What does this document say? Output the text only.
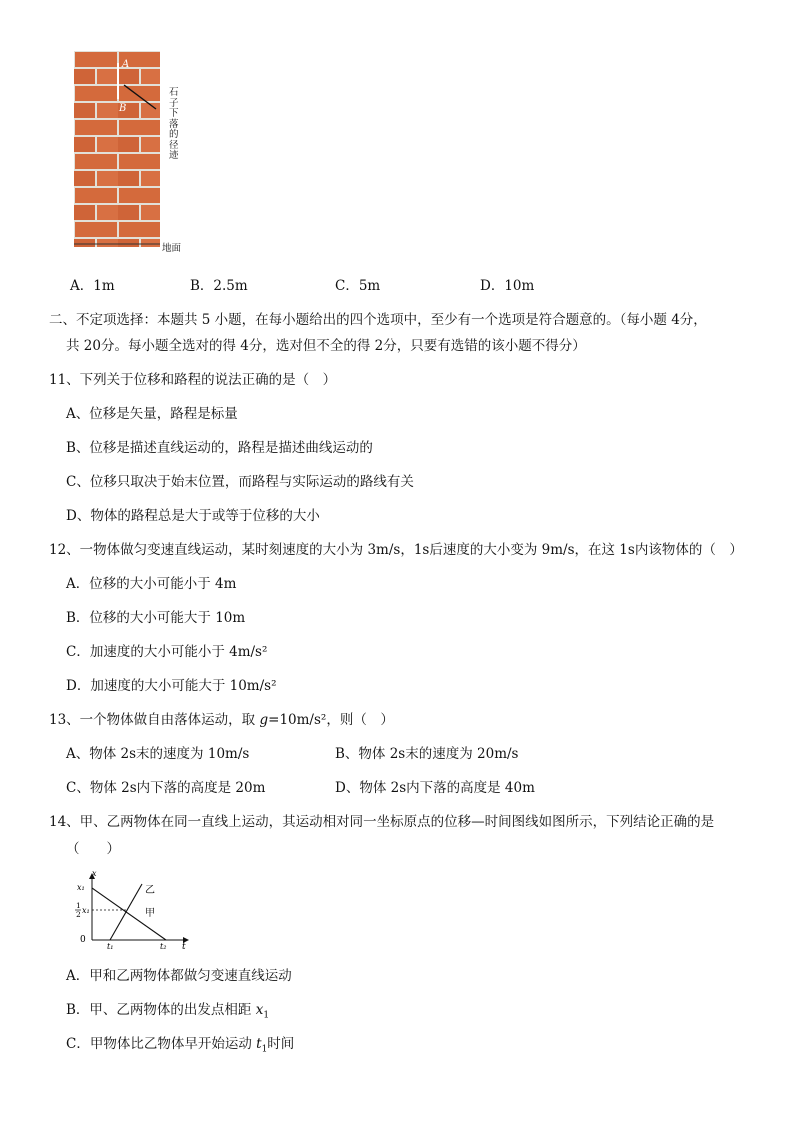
A
B
石子下落的径迹
地面
A．1m	B．2.5m	C．5m	D．10m
二、不定项选择：本题共 5 小题，在每小题给出的四个选项中，至少有一个选项是符合题意的。（每小题 4分，
共 20分。每小题全选对的得 4分，选对但不全的得 2分，只要有选错的该小题不得分）
11、下列关于位移和路程的说法正确的是（　）
A、位移是矢量，路程是标量
B、位移是描述直线运动的，路程是描述曲线运动的
C、位移只取决于始末位置，而路程与实际运动的路线有关
D、物体的路程总是大于或等于位移的大小
12、一物体做匀变速直线运动，某时刻速度的大小为 3m/s，1s后速度的大小变为 9m/s，在这 1s内该物体的（　）
A．位移的大小可能小于 4m
B．位移的大小可能大于 10m
C．加速度的大小可能小于 4m/s²
D．加速度的大小可能大于 10m/s²
13、一个物体做自由落体运动，取 g=10m/s²，则（　）
A、物体 2s末的速度为 10m/s	B、物体 2s末的速度为 20m/s
C、物体 2s内下落的高度是 20m	D、物体 2s内下落的高度是 40m
14、甲、乙两物体在同一直线上运动，其运动相对同一坐标原点的位移—时间图线如图所示，下列结论正确的是
（　　）
x
x₁
1
2 x₁
0
t₁	t₂ t
乙
甲
A．甲和乙两物体都做匀变速直线运动
B．甲、乙两物体的出发点相距 $x_1$
C．甲物体比乙物体早开始运动 $t_1$时间
